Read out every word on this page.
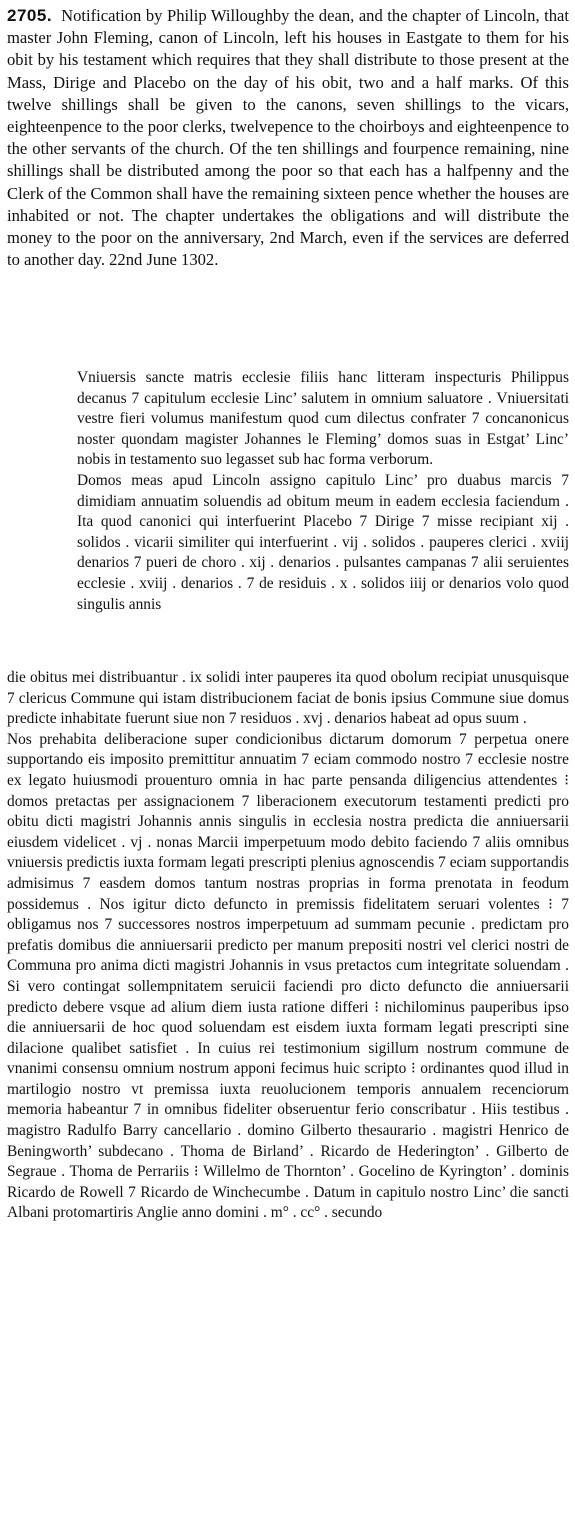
2705. Notification by Philip Willoughby the dean, and the chapter of Lincoln, that master John Fleming, canon of Lincoln, left his houses in Eastgate to them for his obit by his testament which requires that they shall distribute to those present at the Mass, Dirige and Placebo on the day of his obit, two and a half marks. Of this twelve shillings shall be given to the canons, seven shillings to the vicars, eighteenpence to the poor clerks, twelvepence to the choirboys and eighteenpence to the other servants of the church. Of the ten shillings and fourpence remaining, nine shillings shall be distributed among the poor so that each has a halfpenny and the Clerk of the Common shall have the remaining sixteen pence whether the houses are inhabited or not. The chapter undertakes the obligations and will distribute the money to the poor on the anniversary, 2nd March, even if the services are deferred to another day. 22nd June 1302.

Vniuersis sancte matris ecclesie filiis hanc litteram inspecturis Philippus decanus 7 capitulum ecclesie Linc’ salutem in omnium saluatore . Vniuersitati vestre fieri volumus manifestum quod cum dilectus confrater 7 concanonicus noster quondam magister Johannes le Fleming’ domos suas in Estgat’ Linc’ nobis in testamento suo legasset sub hac forma verborum.

Domos meas apud Lincoln assigno capitulo Linc’ pro duabus marcis 7 dimidiam annuatim soluendis ad obitum meum in eadem ecclesia faciendum . Ita quod canonici qui interfuerint Placebo 7 Dirige 7 misse recipiant xij . solidos . vicarii similiter qui interfuerint . vij . solidos . pauperes clerici . xviij denarios 7 pueri de choro . xij . denarios . pulsantes campanas 7 alii seruientes ecclesie . xviij . denarios . 7 de residuis . x . solidos iiij or denarios volo quod singulis annis

die obitus mei distribuantur . ix solidi inter pauperes ita quod obolum recipiat unusquisque 7 clericus Commune qui istam distribucionem faciat de bonis ipsius Commune siue domus predicte inhabitate fuerunt siue non 7 residuos . xvj . denarios habeat ad opus suum .

Nos prehabita deliberacione super condicionibus dictarum domorum 7 perpetua onere supportando eis imposito premittitur annuatim 7 eciam commodo nostro 7 ecclesie nostre ex legato huiusmodi prouenturo omnia in hac parte pensanda diligencius attendentes ⁝ domos pretactas per assignacionem 7 liberacionem executorum testamenti predicti pro obitu dicti magistri Johannis annis singulis in ecclesia nostra predicta die anniuersarii eiusdem videlicet . vj . nonas Marcii imperpetuum modo debito faciendo 7 aliis omnibus vniuersis predictis iuxta formam legati prescripti plenius agnoscendis 7 eciam supportandis admisimus 7 easdem domos tantum nostras proprias in forma prenotata in feodum possidemus . Nos igitur dicto defuncto in premissis fidelitatem seruari volentes ⁝ 7 obligamus nos 7 successores nostros imperpetuum ad summam pecunie . predictam pro prefatis domibus die anniuersarii predicto per manum prepositi nostri vel clerici nostri de Communa pro anima dicti magistri Johannis in vsus pretactos cum integritate soluendam . Si vero contingat sollempnitatem seruicii faciendi pro dicto defuncto die anniuersarii predicto debere vsque ad alium diem iusta ratione differi ⁝ nichilominus pauperibus ipso die anniuersarii de hoc quod soluendam est eisdem iuxta formam legati prescripti sine dilacione qualibet satisfiet . In cuius rei testimonium sigillum nostrum commune de vnanimi consensu omnium nostrum apponi fecimus huic scripto ⁝ ordinantes quod illud in martilogio nostro vt premissa iuxta reuolucionem temporis annualem recenciorum memoria habeantur 7 in omnibus fideliter obseruentur ferio conscribatur . Hiis testibus . magistro Radulfo Barry cancellario . domino Gilberto thesaurario . magistri Henrico de Beningworth’ subdecano . Thoma de Birland’ . Ricardo de Hederington’ . Gilberto de Segraue . Thoma de Perrariis ⁝ Willelmo de Thornton’ . Gocelino de Kyrington’ . dominis Ricardo de Rowell 7 Ricardo de Winchecumbe . Datum in capitulo nostro Linc’ die sancti Albani protomartiris Anglie anno domini . m° . cc° . secundo
